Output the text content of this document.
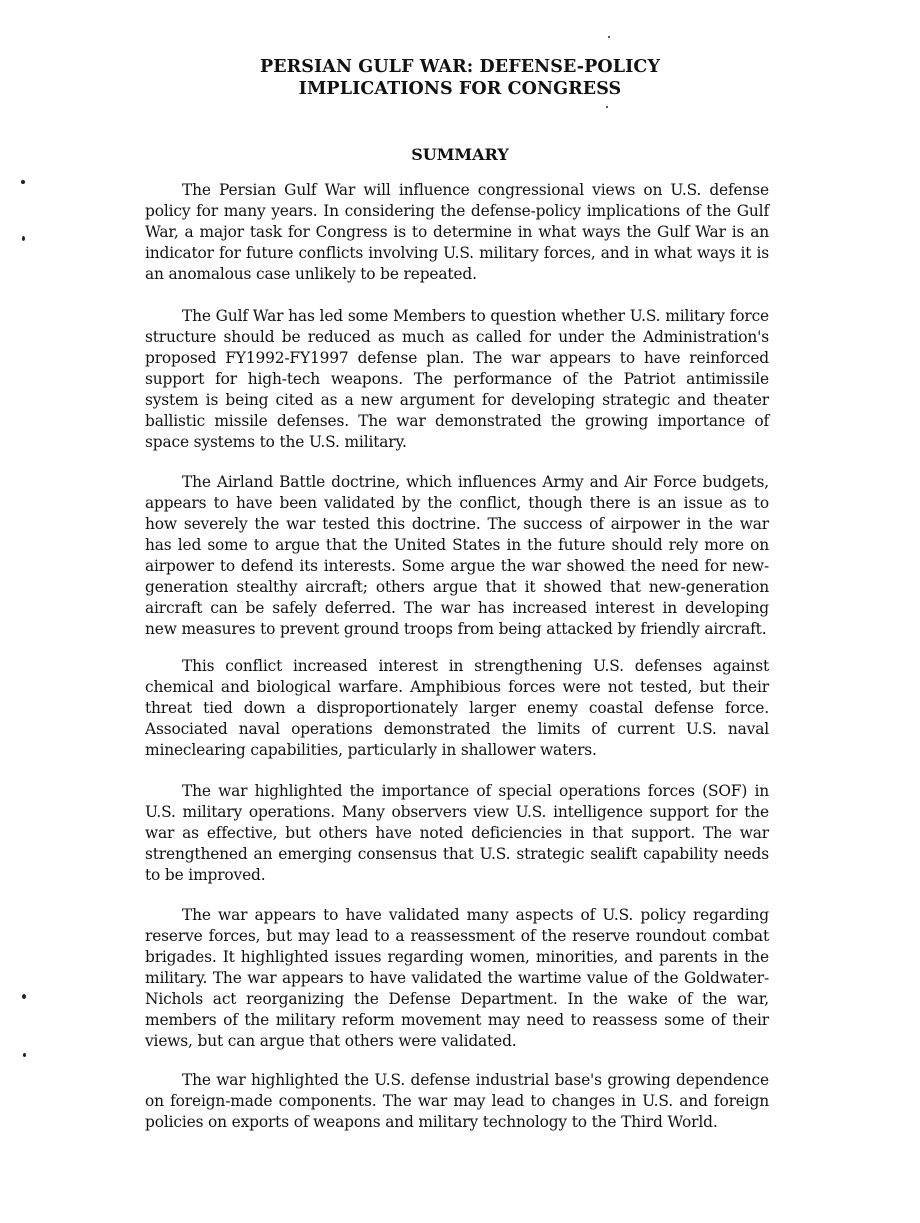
PERSIAN GULF WAR: DEFENSE-POLICY
IMPLICATIONS FOR CONGRESS
SUMMARY

The Persian Gulf War will influence congressional views on U.S. defense policy for many years. In considering the defense-policy implications of the Gulf War, a major task for Congress is to determine in what ways the Gulf War is an indicator for future conflicts involving U.S. military forces, and in what ways it is an anomalous case unlikely to be repeated.

The Gulf War has led some Members to question whether U.S. military force structure should be reduced as much as called for under the Administration's proposed FY1992-FY1997 defense plan. The war appears to have reinforced support for high-tech weapons. The performance of the Patriot antimissile system is being cited as a new argument for developing strategic and theater ballistic missile defenses. The war demonstrated the growing importance of space systems to the U.S. military.

The Airland Battle doctrine, which influences Army and Air Force budgets, appears to have been validated by the conflict, though there is an issue as to how severely the war tested this doctrine. The success of airpower in the war has led some to argue that the United States in the future should rely more on airpower to defend its interests. Some argue the war showed the need for new-generation stealthy aircraft; others argue that it showed that new-generation aircraft can be safely deferred. The war has increased interest in developing new measures to prevent ground troops from being attacked by friendly aircraft.

This conflict increased interest in strengthening U.S. defenses against chemical and biological warfare. Amphibious forces were not tested, but their threat tied down a disproportionately larger enemy coastal defense force. Associated naval operations demonstrated the limits of current U.S. naval mineclearing capabilities, particularly in shallower waters.

The war highlighted the importance of special operations forces (SOF) in U.S. military operations. Many observers view U.S. intelligence support for the war as effective, but others have noted deficiencies in that support. The war strengthened an emerging consensus that U.S. strategic sealift capability needs to be improved.

The war appears to have validated many aspects of U.S. policy regarding reserve forces, but may lead to a reassessment of the reserve roundout combat brigades. It highlighted issues regarding women, minorities, and parents in the military. The war appears to have validated the wartime value of the Goldwater-Nichols act reorganizing the Defense Department. In the wake of the war, members of the military reform movement may need to reassess some of their views, but can argue that others were validated.

The war highlighted the U.S. defense industrial base's growing dependence on foreign-made components. The war may lead to changes in U.S. and foreign policies on exports of weapons and military technology to the Third World.
